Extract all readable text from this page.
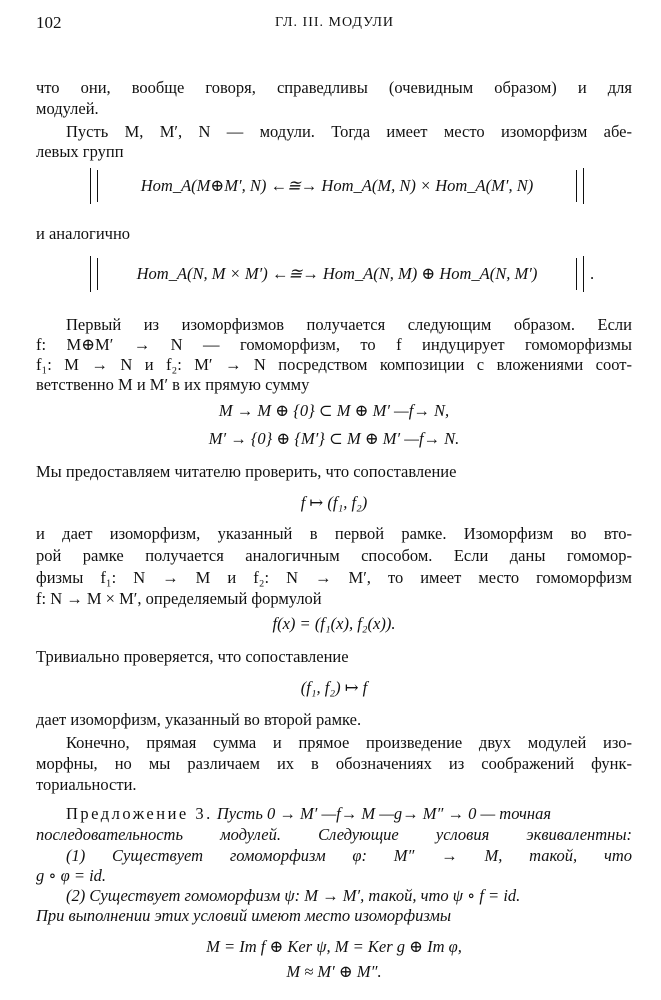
102	ГЛ. III. МОДУЛИ
что они, вообще говоря, справедливы (очевидным образом) и для
модулей.
Пусть M, M′, N — модули. Тогда имеет место изоморфизм абе-
левых групп
Hom_A(M⊕M′, N) ←≅→ Hom_A(M, N) × Hom_A(M′, N)
и аналогично
Hom_A(N, M × M′) ←≅→ Hom_A(N, M) ⊕ Hom_A(N, M′)	.
Первый из изоморфизмов получается следующим образом. Если
f: M⊕M′ → N — гомоморфизм, то f индуцирует гомоморфизмы
f₁: M → N и f₂: M′ → N посредством композиции с вложениями соот-
ветственно M и M′ в их прямую сумму
M → M ⊕ {0} ⊂ M ⊕ M′ —f→ N,
M′ → {0} ⊕ {M′} ⊂ M ⊕ M′ —f→ N.
Мы предоставляем читателю проверить, что сопоставление
f ↦ (f₁, f₂)
и дает изоморфизм, указанный в первой рамке. Изоморфизм во вто-
рой рамке получается аналогичным способом. Если даны гомомор-
физмы f₁: N → M и f₂: N → M′, то имеет место гомоморфизм
f: N → M × M′, определяемый формулой
f(x) = (f₁(x), f₂(x)).
Тривиально проверяется, что сопоставление
(f₁, f₂) ↦ f
дает изоморфизм, указанный во второй рамке.
Конечно, прямая сумма и прямое произведение двух модулей изо-
морфны, но мы различаем их в обозначениях из соображений функ-
ториальности.
Предложение 3. Пусть 0 → M′ —f→ M —g→ M″ → 0 — точная
последовательность модулей. Следующие условия эквивалентны:
(1) Существует гомоморфизм φ: M″ → M, такой, что
g ∘ φ = id.
(2) Существует гомоморфизм ψ: M → M′, такой, что ψ ∘ f = id.
При выполнении этих условий имеют место изоморфизмы
M = Im f ⊕ Ker ψ, M = Ker g ⊕ Im φ,
M ≈ M′ ⊕ M″.
